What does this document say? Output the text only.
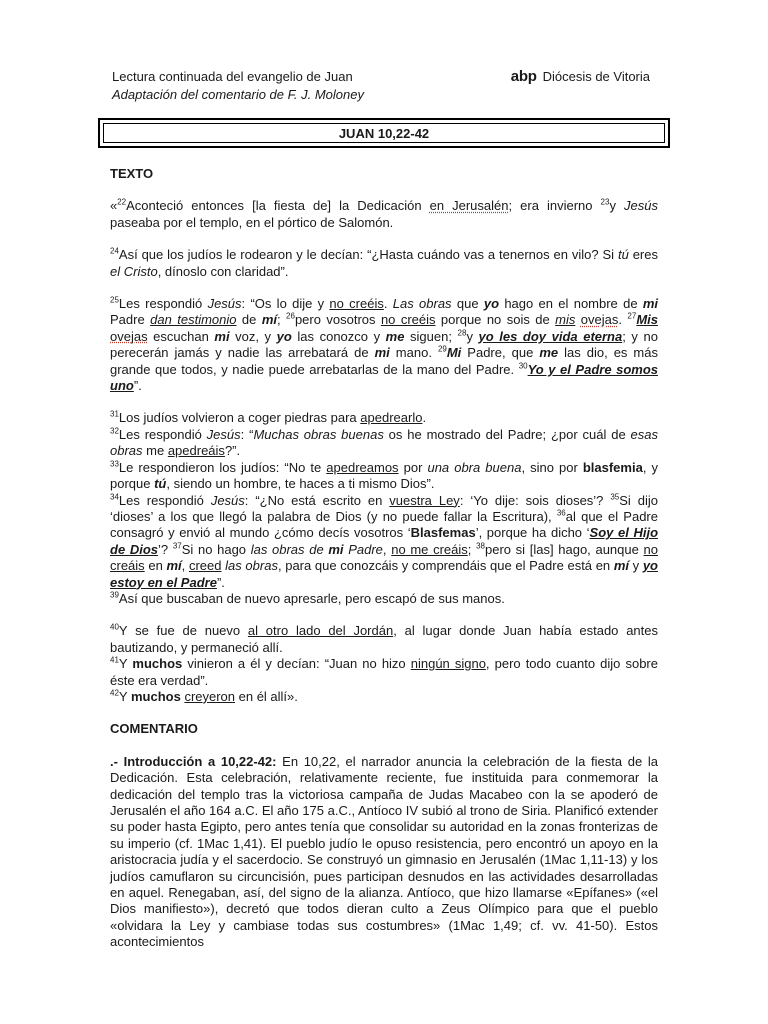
Lectura continuada del evangelio de Juan
Adaptación del comentario de F. J. Moloney
abp Diócesis de Vitoria
JUAN 10,22-42

TEXTO

«$^{22}$Aconteció entonces [la fiesta de] la Dedicación en Jerusalén; era invierno $^{23}$y Jesús paseaba por el templo, en el pórtico de Salomón.

$^{24}$Así que los judíos le rodearon y le decían: “¿Hasta cuándo vas a tenernos en vilo? Si tú eres el Cristo, dínoslo con claridad”.

$^{25}$Les respondió Jesús: “Os lo dije y no creéis. Las obras que yo hago en el nombre de mi Padre dan testimonio de mí; $^{26}$pero vosotros no creéis porque no sois de mis ovejas. $^{27}$Mis ovejas escuchan mi voz, y yo las conozco y me siguen; $^{28}$y yo les doy vida eterna; y no perecerán jamás y nadie las arrebatará de mi mano. $^{29}$Mi Padre, que me las dio, es más grande que todos, y nadie puede arrebatarlas de la mano del Padre. $^{30}$Yo y el Padre somos uno”.

$^{31}$Los judíos volvieron a coger piedras para apedrearlo.
$^{32}$Les respondió Jesús: “Muchas obras buenas os he mostrado del Padre; ¿por cuál de esas obras me apedreáis?”.
$^{33}$Le respondieron los judíos: “No te apedreamos por una obra buena, sino por blasfemia, y porque tú, siendo un hombre, te haces a ti mismo Dios”.
$^{34}$Les respondió Jesús: “¿No está escrito en vuestra Ley: ‘Yo dije: sois dioses’? $^{35}$Si dijo ‘dioses’ a los que llegó la palabra de Dios (y no puede fallar la Escritura), $^{36}$al que el Padre consagró y envió al mundo ¿cómo decís vosotros ‘Blasfemas’, porque ha dicho ‘Soy el Hijo de Dios’? $^{37}$Si no hago las obras de mi Padre, no me creáis; $^{38}$pero si [las] hago, aunque no creáis en mí, creed las obras, para que conozcáis y comprendáis que el Padre está en mí y yo estoy en el Padre”.
$^{39}$Así que buscaban de nuevo apresarle, pero escapó de sus manos.

$^{40}$Y se fue de nuevo al otro lado del Jordán, al lugar donde Juan había estado antes bautizando, y permaneció allí.
$^{41}$Y muchos vinieron a él y decían: “Juan no hizo ningún signo, pero todo cuanto dijo sobre éste era verdad”.
$^{42}$Y muchos creyeron en él allí».

COMENTARIO

.- Introducción a 10,22-42: En 10,22, el narrador anuncia la celebración de la fiesta de la Dedicación. Esta celebración, relativamente reciente, fue instituida para conmemorar la dedicación del templo tras la victoriosa campaña de Judas Macabeo con la se apoderó de Jerusalén el año 164 a.C. El año 175 a.C., Antíoco IV subió al trono de Siria. Planificó extender su poder hasta Egipto, pero antes tenía que consolidar su autoridad en la zonas fronterizas de su imperio (cf. 1Mac 1,41). El pueblo judío le opuso resistencia, pero encontró un apoyo en la aristocracia judía y el sacerdocio. Se construyó un gimnasio en Jerusalén (1Mac 1,11-13) y los judíos camuflaron su circuncisión, pues participan desnudos en las actividades desarrolladas en aquel. Renegaban, así, del signo de la alianza. Antíoco, que hizo llamarse «Epífanes» («el Dios manifiesto»), decretó que todos dieran culto a Zeus Olímpico para que el pueblo «olvidara la Ley y cambiase todas sus costumbres» (1Mac 1,49; cf. vv. 41-50). Estos acontecimientos
